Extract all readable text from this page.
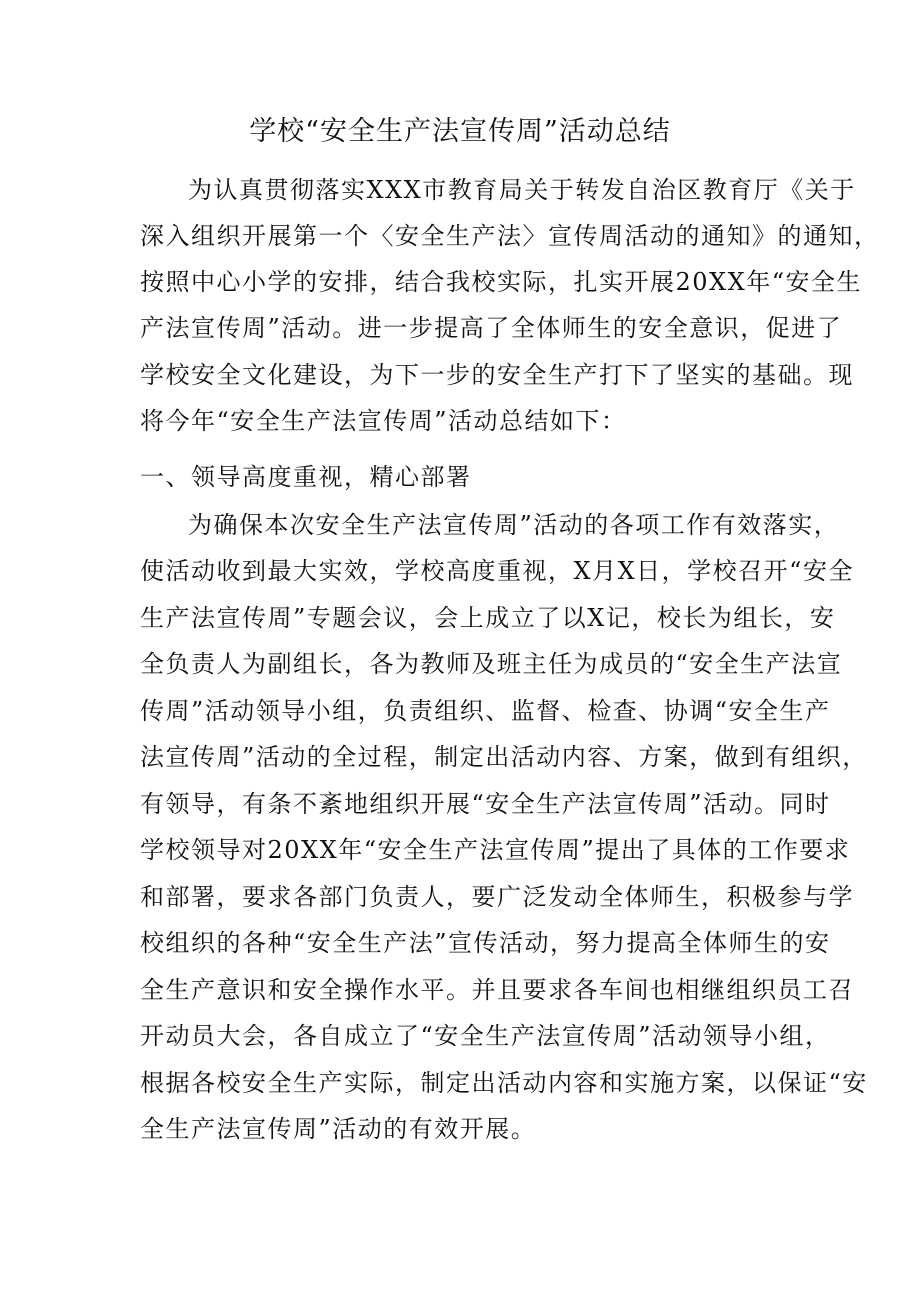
学校“安全生产法宣传周”活动总结
为认真贯彻落实XXX市教育局关于转发自治区教育厅《关于
深入组织开展第一个〈安全生产法〉宣传周活动的通知》的通知，
按照中心小学的安排，结合我校实际，扎实开展20XX年“安全生
产法宣传周”活动。进一步提高了全体师生的安全意识，促进了
学校安全文化建设，为下一步的安全生产打下了坚实的基础。现
将今年“安全生产法宣传周”活动总结如下：
一、领导高度重视，精心部署
为确保本次安全生产法宣传周”活动的各项工作有效落实，
使活动收到最大实效，学校高度重视，X月X日，学校召开“安全
生产法宣传周”专题会议，会上成立了以X记，校长为组长，安
全负责人为副组长，各为教师及班主任为成员的“安全生产法宣
传周”活动领导小组，负责组织、监督、检查、协调“安全生产
法宣传周”活动的全过程，制定出活动内容、方案，做到有组织，
有领导，有条不紊地组织开展“安全生产法宣传周”活动。同时
学校领导对20XX年“安全生产法宣传周”提出了具体的工作要求
和部署，要求各部门负责人，要广泛发动全体师生，积极参与学
校组织的各种“安全生产法”宣传活动，努力提高全体师生的安
全生产意识和安全操作水平。并且要求各车间也相继组织员工召
开动员大会，各自成立了“安全生产法宣传周”活动领导小组，
根据各校安全生产实际，制定出活动内容和实施方案，以保证“安
全生产法宣传周”活动的有效开展。
